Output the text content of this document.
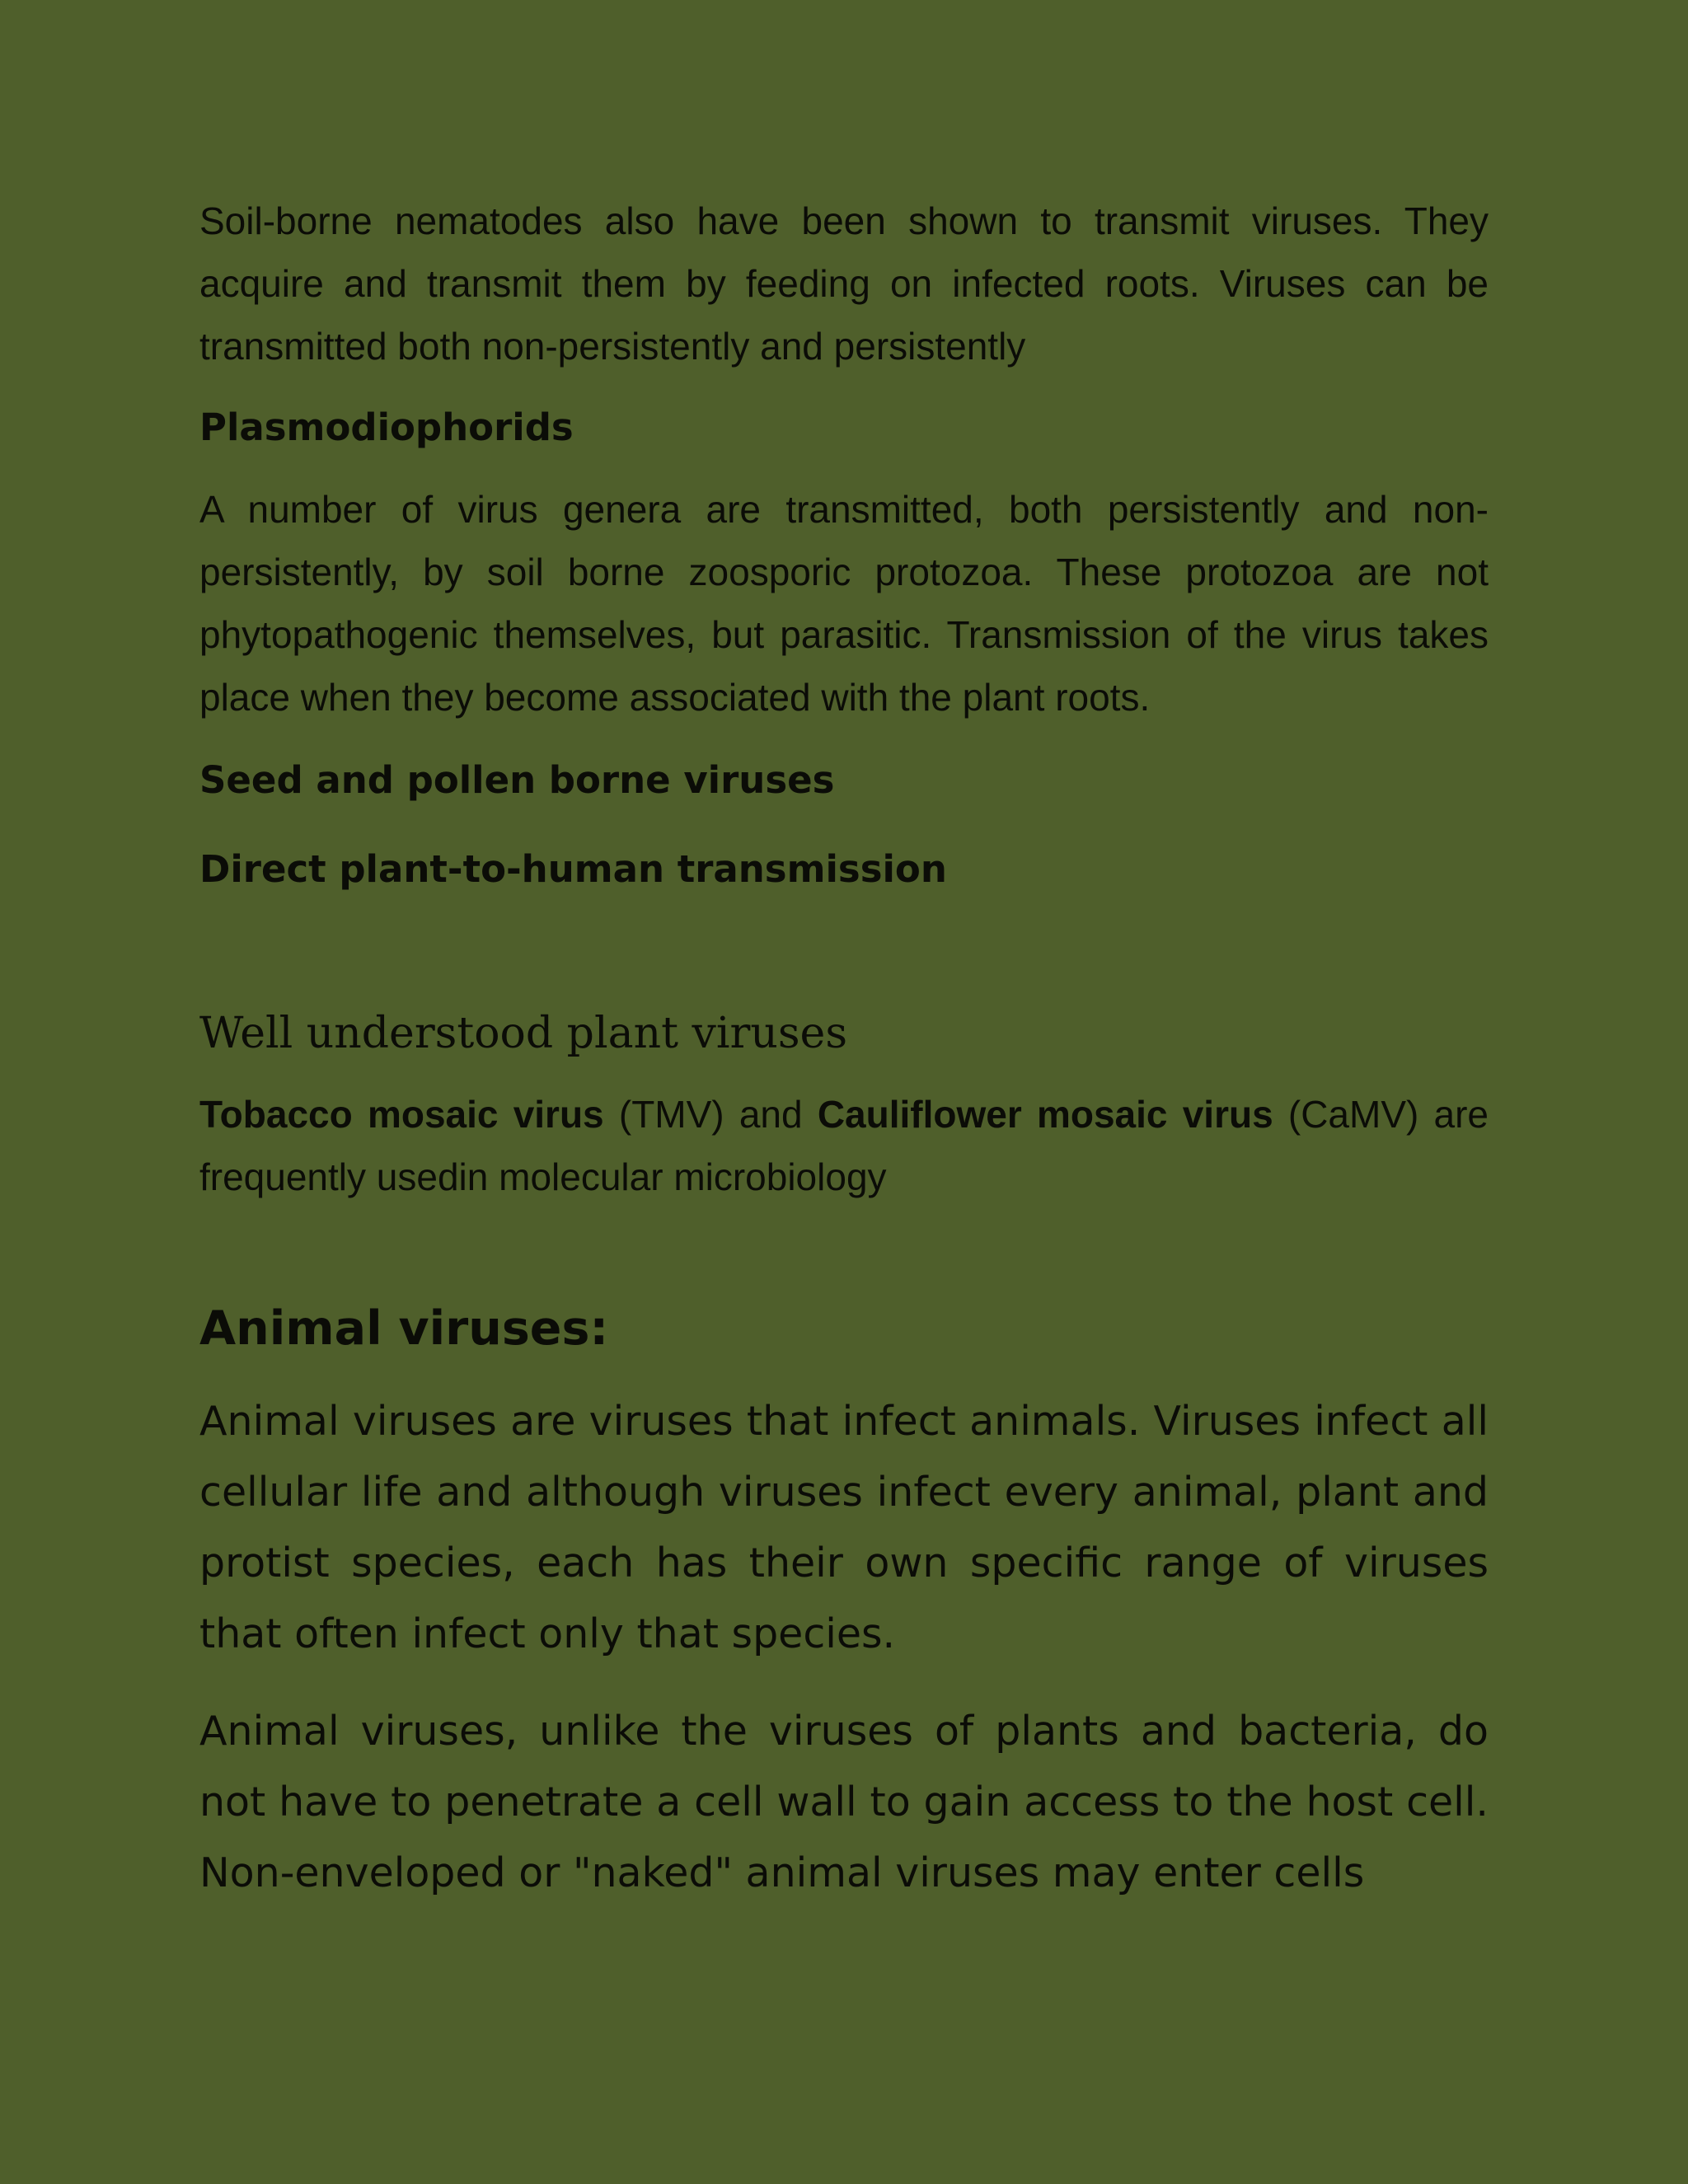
Soil-borne nematodes also have been shown to transmit viruses. They acquire and transmit them by feeding on infected roots. Viruses can be transmitted both non-persistently and persistently

Plasmodiophorids

A number of virus genera are transmitted, both persistently and non-persistently, by soil borne zoosporic protozoa. These protozoa are not phytopathogenic themselves, but parasitic. Transmission of the virus takes place when they become associated with the plant roots.

Seed and pollen borne viruses

Direct plant-to-human transmission

Well understood plant viruses

Tobacco mosaic virus (TMV) and Cauliflower mosaic virus (CaMV) are frequently usedin molecular microbiology

Animal viruses:

Animal viruses are viruses that infect animals. Viruses infect all cellular life and although viruses infect every animal, plant and protist species, each has their own specific range of viruses that often infect only that species.

Animal viruses, unlike the viruses of plants and bacteria, do not have to penetrate a cell wall to gain access to the host cell. Non-enveloped or "naked" animal viruses may enter cells
